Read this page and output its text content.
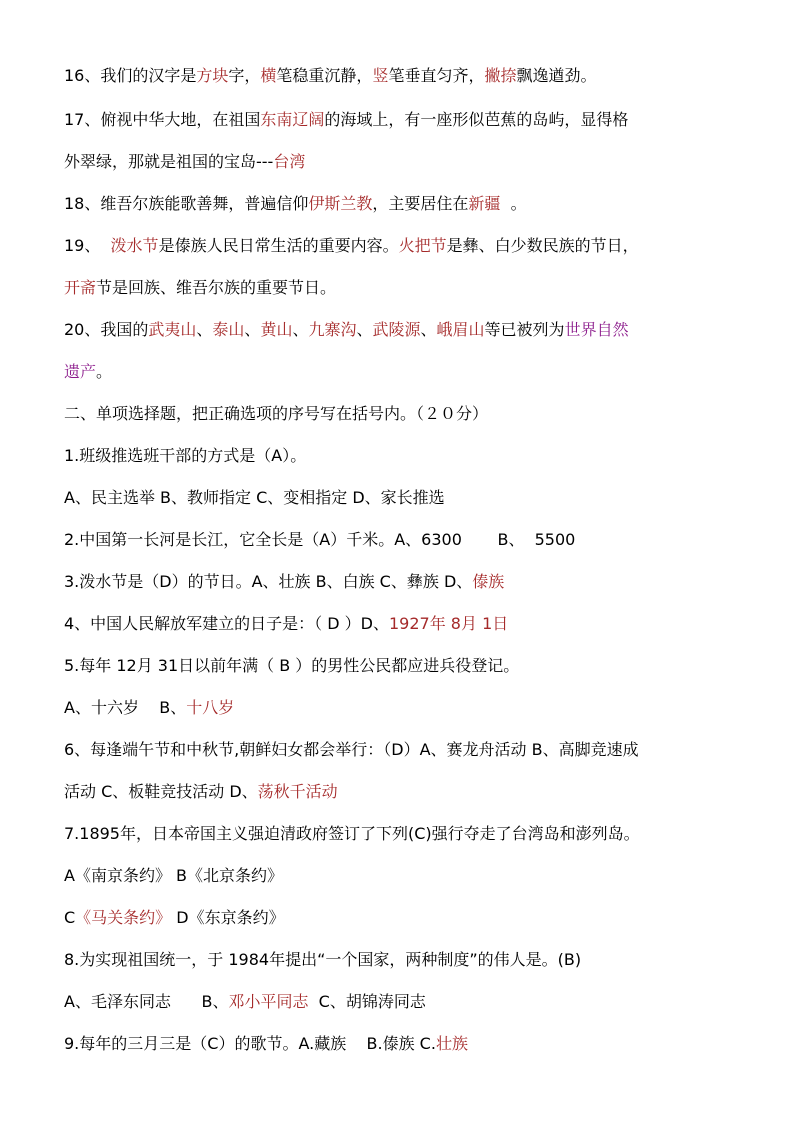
16、我们的汉字是方块字，横笔稳重沉静，竖笔垂直匀齐，撇捺飘逸遒劲。
17、俯视中华大地，在祖国东南辽阔的海域上，有一座形似芭蕉的岛屿，显得格
外翠绿，那就是祖国的宝岛---台湾
18、维吾尔族能歌善舞，普遍信仰伊斯兰教，主要居住在新疆  。
19、  泼水节是傣族人民日常生活的重要内容。火把节是彝、白少数民族的节日，
开斋节是回族、维吾尔族的重要节日。
20、我国的武夷山、泰山、黄山、九寨沟、武陵源、峨眉山等已被列为世界自然
遗产。
二、单项选择题，把正确选项的序号写在括号内。（２０分）
1.班级推选班干部的方式是（A）。
A、民主选举 B、教师指定 C、变相指定 D、家长推选
2.中国第一长河是长江，它全长是（A）千米。A、6300       B、  5500
3.泼水节是（D）的节日。A、壮族 B、白族 C、彝族 D、傣族
4、中国人民解放军建立的日子是：（ D ）D、1927年 8月 1日
5.每年 12月 31日以前年满（ B ）的男性公民都应进兵役登记。
A、十六岁    B、十八岁
6、每逢端午节和中秋节,朝鲜妇女都会举行：（D）A、赛龙舟活动 B、高脚竞速成
活动 C、板鞋竞技活动 D、荡秋千活动
7.1895年，日本帝国主义强迫清政府签订了下列(C)强行夺走了台湾岛和澎列岛。
A《南京条约》 B《北京条约》
C《马关条约》 D《东京条约》
8.为实现祖国统一，于 1984年提出“一个国家，两种制度”的伟人是。(B)
A、毛泽东同志      B、邓小平同志  C、胡锦涛同志
9.每年的三月三是（C）的歌节。A.藏族    B.傣族 C.壮族
